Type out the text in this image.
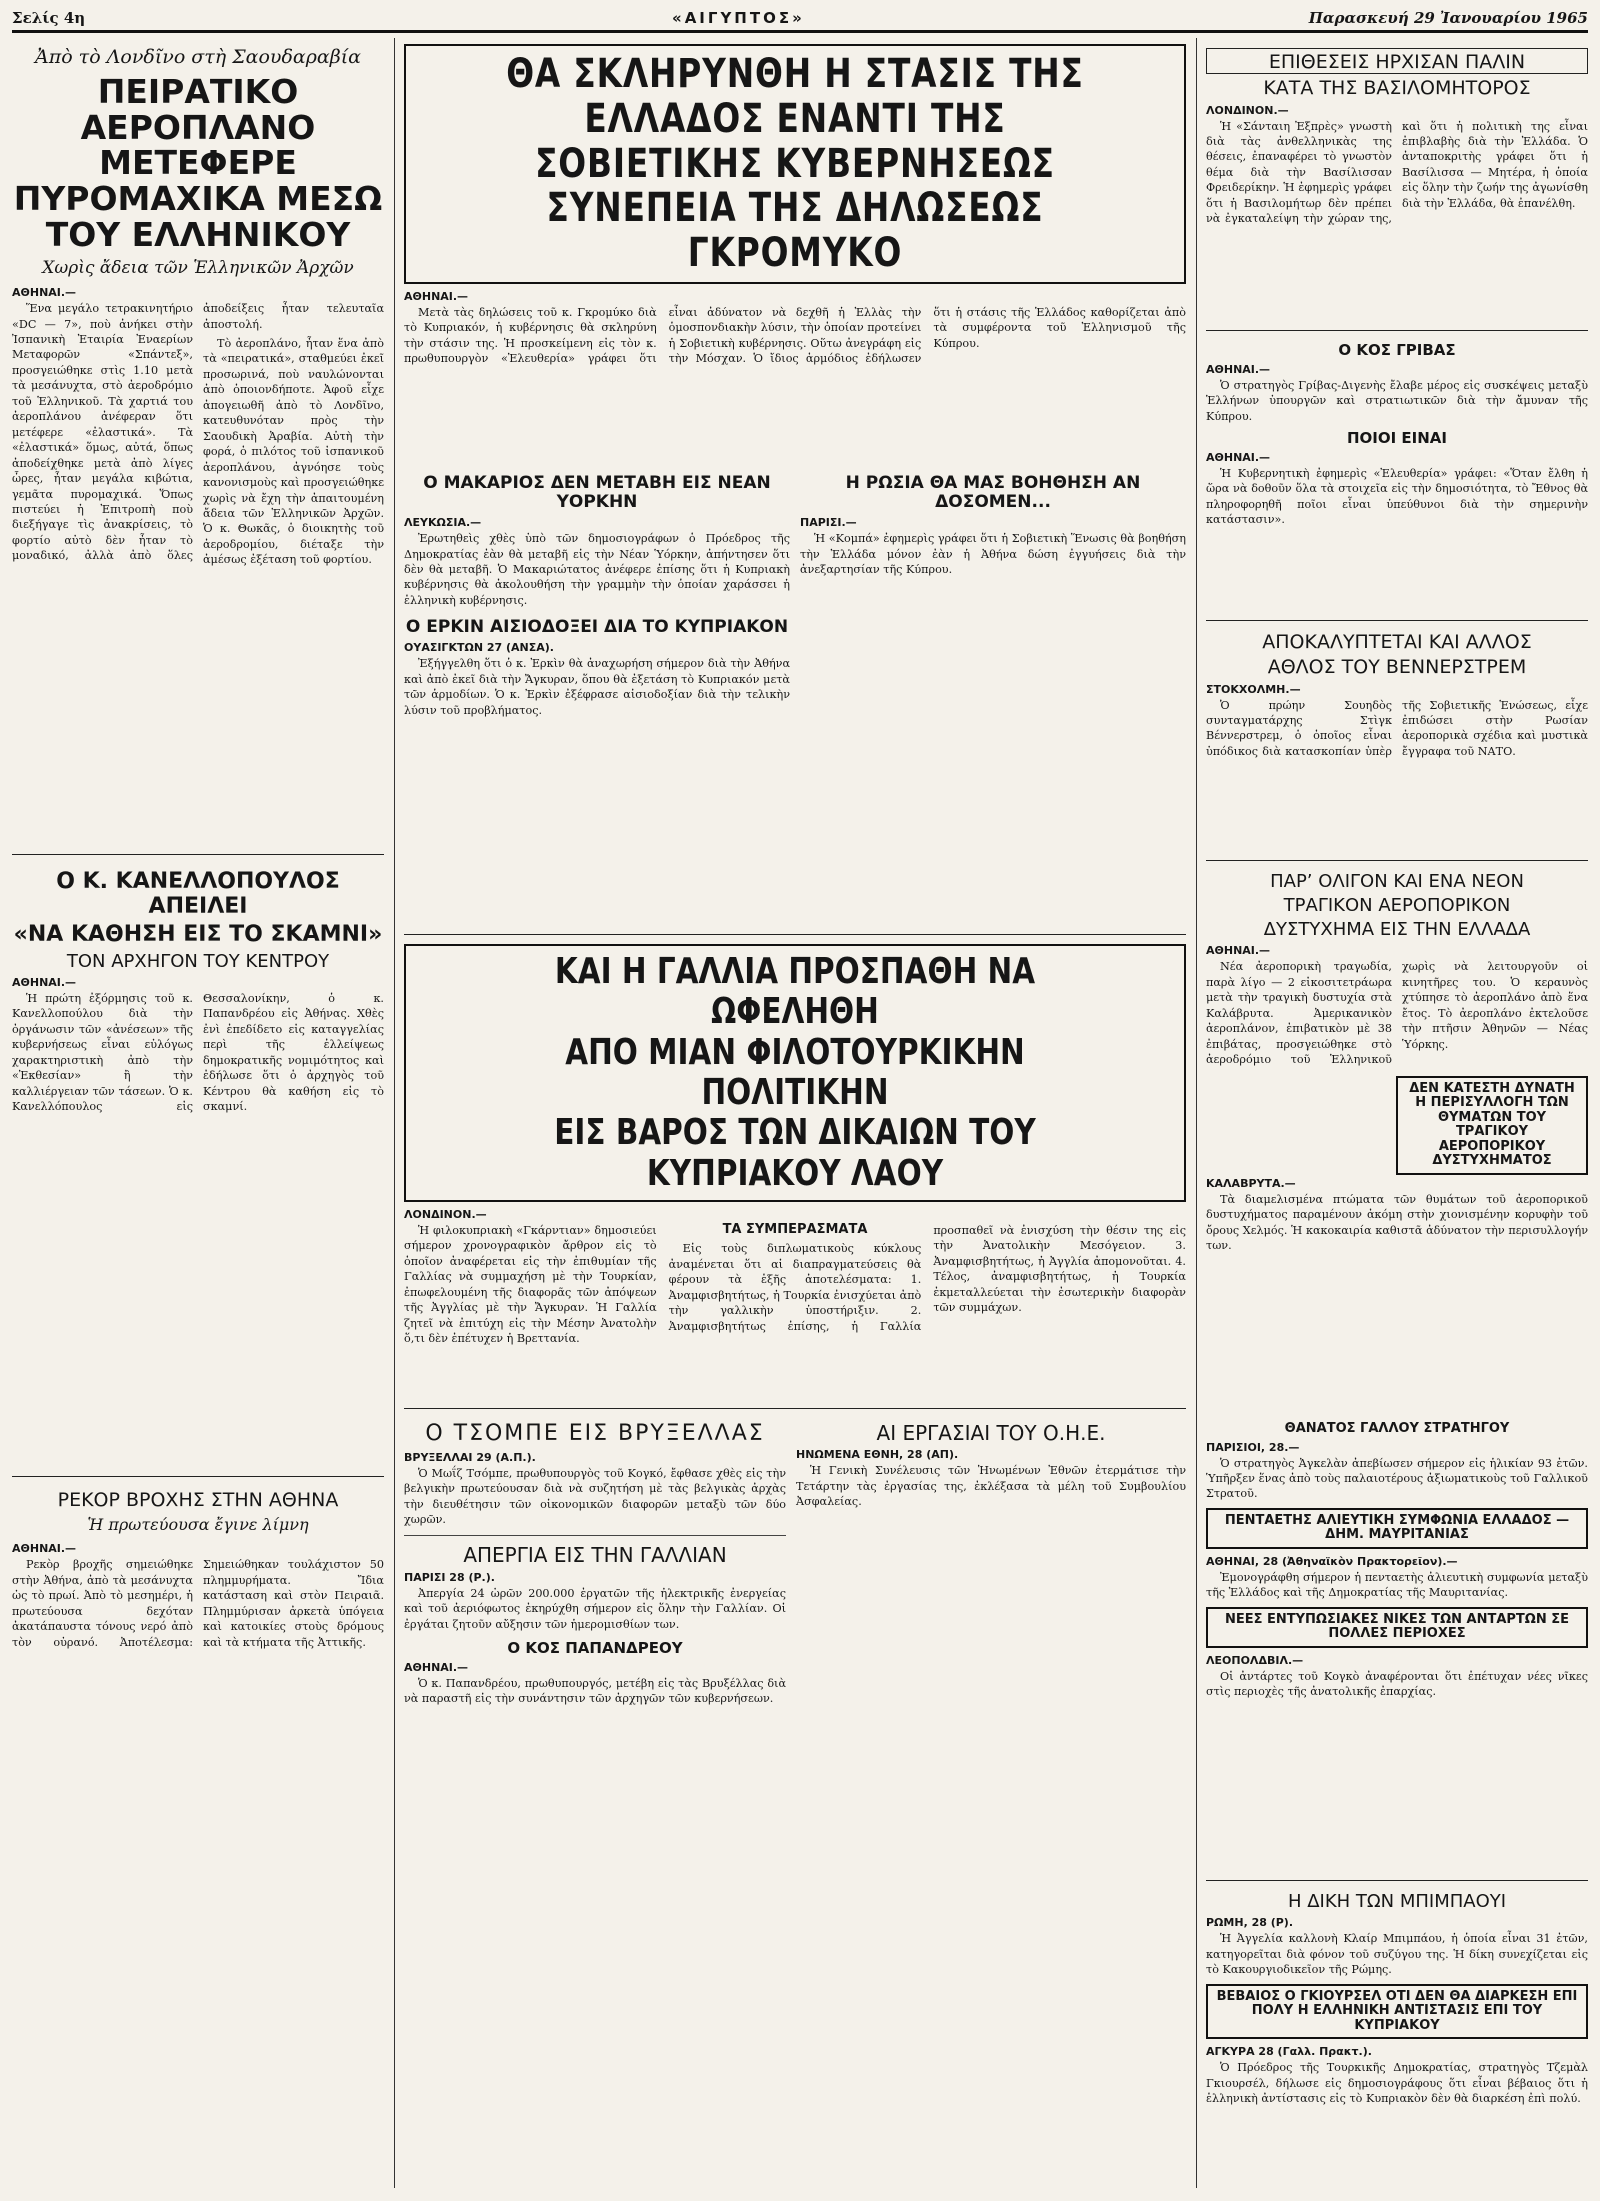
Σελίς 4η	«ΑΙΓΥΠΤΟΣ»	Παρασκευή 29 Ἰανουαρίου 1965
Ἀπὸ τὸ Λονδῖνο στὴ Σαουδαραβία
ΠΕΙΡΑΤΙΚΟ ΑΕΡΟΠΛΑΝΟ ΜΕΤΕΦΕΡΕ ΠΥΡΟΜΑΧΙΚΑ ΜΕΣΩ ΤΟΥ ΕΛΛΗΝΙΚΟΥ
Χωρὶς ἄδεια τῶν Ἑλληνικῶν Ἀρχῶν
ΑΘΗΝΑΙ.—

Ἕνα μεγάλο τετρακινητήριο «DC — 7», ποὺ ἀνήκει στὴν Ἰσπανικὴ Ἑταιρία Ἐναερίων Μεταφορῶν «Σπάντεξ», προσγειώθηκε στὶς 1.10 μετὰ τὰ μεσάνυχτα, στὸ ἀεροδρόμιο τοῦ Ἑλληνικοῦ. Τὰ χαρτιά του ἀεροπλάνου ἀνέφεραν ὅτι μετέφερε «ἐλαστικά». Τὰ «ἐλαστικά» ὅμως, αὐτά, ὅπως ἀποδείχθηκε μετὰ ἀπὸ λίγες ὧρες, ἦταν μεγάλα κιβώτια, γεμᾶτα πυρομαχικά. Ὅπως πιστεύει ἡ Ἐπιτροπὴ ποὺ διεξήγαγε τὶς ἀνακρίσεις, τὸ φορτίο αὐτὸ δὲν ἦταν τὸ μοναδικό, ἀλλὰ ἀπὸ ὅλες ἀποδείξεις ἦταν τελευταῖα ἀποστολή.

Τὸ ἀεροπλάνο, ἦταν ἕνα ἀπὸ τὰ «πειρατικά», σταθμεύει ἐκεῖ προσωρινά, ποὺ ναυλώνονται ἀπὸ ὁποιονδήποτε. Ἀφοῦ εἶχε ἀπογειωθῆ ἀπὸ τὸ Λονδῖνο, κατευθυνόταν πρὸς τὴν Σαουδικὴ Ἀραβία. Αὐτὴ τὴν φορά, ὁ πιλότος τοῦ ἰσπανικοῦ ἀεροπλάνου, ἀγνόησε τοὺς κανονισμοὺς καὶ προσγειώθηκε χωρὶς νὰ ἔχη τὴν ἀπαιτουμένη ἄδεια τῶν Ἑλληνικῶν Ἀρχῶν. Ὁ κ. Θωκᾶς, ὁ διοικητὴς τοῦ ἀεροδρομίου, διέταξε τὴν ἀμέσως ἐξέταση τοῦ φορτίου.

Ο Κ. ΚΑΝΕΛΛΟΠΟΥΛΟΣ ΑΠΕΙΛΕΙ
«ΝΑ ΚΑΘΗΣΗ ΕΙΣ ΤΟ ΣΚΑΜΝΙ»
ΤΟΝ ΑΡΧΗΓΟΝ ΤΟΥ ΚΕΝΤΡΟΥ
ΑΘΗΝΑΙ.—

Ἡ πρώτη ἐξόρμησις τοῦ κ. Κανελλοπούλου διὰ τὴν ὀργάνωσιν τῶν «ἀνέσεων» τῆς κυβερνήσεως εἶναι εὐλόγως χαρακτηριστικὴ ἀπὸ τὴν «Ἐκθεσίαν» ἢ τὴν καλλιέργειαν τῶν τάσεων. Ὁ κ. Κανελλόπουλος εἰς Θεσσαλονίκην, ὁ κ. Παπανδρέου εἰς Ἀθήνας. Χθὲς ἐνὶ ἐπεδίδετο εἰς καταγγελίας περὶ τῆς ἐλλείψεως δημοκρατικῆς νομιμότητος καὶ ἐδήλωσε ὅτι ὁ ἀρχηγὸς τοῦ Κέντρου θὰ καθήση εἰς τὸ σκαμνί.

ΡΕΚΟΡ ΒΡΟΧΗΣ ΣΤΗΝ ΑΘΗΝΑ
Ἡ πρωτεύουσα ἔγινε λίμνη
ΑΘΗΝΑΙ.—

Ρεκὸρ βροχῆς σημειώθηκε στὴν Ἀθήνα, ἀπὸ τὰ μεσάνυχτα ὡς τὸ πρωί. Ἀπὸ τὸ μεσημέρι, ἡ πρωτεύουσα δεχόταν ἀκατάπαυστα τόνους νερό ἀπὸ τὸν οὐρανό. Ἀποτέλεσμα: Σημειώθηκαν τουλάχιστον 50 πλημμυρήματα. Ἴδια κατάσταση καὶ στὸν Πειραιᾶ. Πλημμύρισαν ἀρκετὰ ὑπόγεια καὶ κατοικίες στοὺς δρόμους καὶ τὰ κτήματα τῆς Ἀττικῆς.

ΘΑ ΣΚΛΗΡΥΝΘΗ Η ΣΤΑΣΙΣ ΤΗΣ ΕΛΛΑΔΟΣ ΕΝΑΝΤΙ ΤΗΣ ΣΟΒΙΕΤΙΚΗΣ ΚΥΒΕΡΝΗΣΕΩΣ ΣΥΝΕΠΕΙΑ ΤΗΣ ΔΗΛΩΣΕΩΣ ΓΚΡΟΜΥΚΟ
ΑΘΗΝΑΙ.—

Μετὰ τὰς δηλώσεις τοῦ κ. Γκρομύκο διὰ τὸ Κυπριακόν, ἡ κυβέρνησις θὰ σκληρύνη τὴν στάσιν της. Ἡ προσκείμενη εἰς τὸν κ. πρωθυπουργὸν «Ἐλευθερία» γράφει ὅτι εἶναι ἀδύνατον νὰ δεχθῆ ἡ Ἑλλὰς τὴν ὁμοσπονδιακὴν λύσιν, τὴν ὁποίαν προτείνει ἡ Σοβιετικὴ κυβέρνησις. Οὕτω ἀνεγράφη εἰς τὴν Μόσχαν. Ὁ ἴδιος ἁρμόδιος ἐδήλωσεν ὅτι ἡ στάσις τῆς Ἑλλάδος καθορίζεται ἀπὸ τὰ συμφέροντα τοῦ Ἑλληνισμοῦ τῆς Κύπρου.

Ο ΜΑΚΑΡΙΟΣ ΔΕΝ ΜΕΤΑΒΗ ΕΙΣ ΝΕΑΝ ΥΟΡΚΗΝ
ΛΕΥΚΩΣΙΑ.—

Ἐρωτηθεὶς χθὲς ὑπὸ τῶν δημοσιογράφων ὁ Πρόεδρος τῆς Δημοκρατίας ἐὰν θὰ μεταβῆ εἰς τὴν Νέαν Ὑόρκην, ἀπήντησεν ὅτι δὲν θὰ μεταβῆ. Ὁ Μακαριώτατος ἀνέφερε ἐπίσης ὅτι ἡ Κυπριακὴ κυβέρνησις θὰ ἀκολουθήση τὴν γραμμὴν τὴν ὁποίαν χαράσσει ἡ ἑλληνικὴ κυβέρνησις.

Ο ΕΡΚΙΝ ΑΙΣΙΟΔΟΞΕΙ ΔΙΑ ΤΟ ΚΥΠΡΙΑΚΟΝ
ΟΥΑΣΙΓΚΤΩΝ 27 (ΑΝΣΑ).

Ἐξήγγελθη ὅτι ὁ κ. Ἐρκὶν θὰ ἀναχωρήση σήμερον διὰ τὴν Ἀθήνα καὶ ἀπὸ ἐκεῖ διὰ τὴν Ἄγκυραν, ὅπου θὰ ἐξετάση τὸ Κυπριακόν μετὰ τῶν ἁρμοδίων. Ὁ κ. Ἐρκὶν ἐξέφρασε αἰσιοδοξίαν διὰ τὴν τελικὴν λύσιν τοῦ προβλήματος.

Η ΡΩΣΙΑ ΘΑ ΜΑΣ ΒΟΗΘΗΣΗ ΑΝ ΔΟΣΟΜΕΝ...
ΠΑΡΙΣΙ.—

Ἡ «Κομπά» ἐφημερὶς γράφει ὅτι ἡ Σοβιετικὴ Ἕνωσις θὰ βοηθήση τὴν Ἑλλάδα μόνον ἐὰν ἡ Ἀθήνα δώση ἐγγυήσεις διὰ τὴν ἀνεξαρτησίαν τῆς Κύπρου.

ΚΑΙ Η ΓΑΛΛΙΑ ΠΡΟΣΠΑΘΗ ΝΑ ΩΦΕΛΗΘΗ
ΑΠΟ ΜΙΑΝ ΦΙΛΟΤΟΥΡΚΙΚΗΝ ΠΟΛΙΤΙΚΗΝ
ΕΙΣ ΒΑΡΟΣ ΤΩΝ ΔΙΚΑΙΩΝ ΤΟΥ ΚΥΠΡΙΑΚΟΥ ΛΑΟΥ
ΛΟΝΔΙΝΟΝ.—

Ἡ φιλοκυπριακὴ «Γκάρντιαν» δημοσιεύει σήμερον χρονογραφικὸν ἄρθρον εἰς τὸ ὁποῖον ἀναφέρεται εἰς τὴν ἐπιθυμίαν τῆς Γαλλίας νὰ συμμαχήση μὲ τὴν Τουρκίαν, ἐπωφελουμένη τῆς διαφορᾶς τῶν ἀπόψεων τῆς Ἀγγλίας μὲ τὴν Ἄγκυραν. Ἡ Γαλλία ζητεῖ νὰ ἐπιτύχη εἰς τὴν Μέσην Ἀνατολὴν ὅ,τι δὲν ἐπέτυχεν ἡ Βρεττανία.

ΤΑ ΣΥΜΠΕΡΑΣΜΑΤΑ

Εἰς τοὺς διπλωματικοὺς κύκλους ἀναμένεται ὅτι αἱ διαπραγματεύσεις θὰ φέρουν τὰ ἑξῆς ἀποτελέσματα: 1. Ἀναμφισβητήτως, ἡ Τουρκία ἐνισχύεται ἀπὸ τὴν γαλλικὴν ὑποστήριξιν. 2. Ἀναμφισβητήτως ἐπίσης, ἡ Γαλλία προσπαθεῖ νὰ ἐνισχύση τὴν θέσιν της εἰς τὴν Ἀνατολικὴν Μεσόγειον. 3. Ἀναμφισβητήτως, ἡ Ἀγγλία ἀπομονοῦται. 4. Τέλος, ἀναμφισβητήτως, ἡ Τουρκία ἐκμεταλλεύεται τὴν ἐσωτερικὴν διαφορὰν τῶν συμμάχων.

Ο ΤΣΟΜΠΕ ΕΙΣ ΒΡΥΞΕΛΛΑΣ
ΒΡΥΞΕΛΛΑΙ 29 (Α.Π.).

Ὁ Μωΐζ Τσόμπε, πρωθυπουργὸς τοῦ Κογκό, ἔφθασε χθὲς εἰς τὴν βελγικὴν πρωτεύουσαν διὰ νὰ συζητήση μὲ τὰς βελγικὰς ἀρχὰς τὴν διευθέτησιν τῶν οἰκονομικῶν διαφορῶν μεταξὺ τῶν δύο χωρῶν.

ΑΠΕΡΓΙΑ ΕΙΣ ΤΗΝ ΓΑΛΛΙΑΝ
ΠΑΡΙΣΙ 28 (Ρ.).

Ἀπεργία 24 ὡρῶν 200.000 ἐργατῶν τῆς ἠλεκτρικῆς ἐνεργείας καὶ τοῦ ἀεριόφωτος ἐκηρύχθη σήμερον εἰς ὅλην τὴν Γαλλίαν. Οἱ ἐργάται ζητοῦν αὔξησιν τῶν ἡμερομισθίων των.

Ο ΚΟΣ ΠΑΠΑΝΔΡΕΟΥ
ΑΘΗΝΑΙ.—

Ὁ κ. Παπανδρέου, πρωθυπουργός, μετέβη εἰς τὰς Βρυξέλλας διὰ νὰ παραστῆ εἰς τὴν συνάντησιν τῶν ἀρχηγῶν τῶν κυβερνήσεων.

ΑΙ ΕΡΓΑΣΙΑΙ ΤΟΥ Ο.Η.Ε.
ΗΝΩΜΕΝΑ ΕΘΝΗ, 28 (ΑΠ).

Ἡ Γενικὴ Συνέλευσις τῶν Ἡνωμένων Ἐθνῶν ἐτερμάτισε τὴν Τετάρτην τὰς ἐργασίας της, ἐκλέξασα τὰ μέλη τοῦ Συμβουλίου Ἀσφαλείας.

ΕΠΙΘΕΣΕΙΣ ΗΡΧΙΣΑΝ ΠΑΛΙΝ
ΚΑΤΑ ΤΗΣ ΒΑΣΙΛΟΜΗΤΟΡΟΣ
ΛΟΝΔΙΝΟΝ.—

Ἡ «Σάνταιη Ἐξπρὲς» γνωστὴ διὰ τὰς ἀνθελληνικὰς της θέσεις, ἐπαναφέρει τὸ γνωστὸν θέμα διὰ τὴν Βασίλισσαν Φρειδερίκην. Ἡ ἐφημερὶς γράφει ὅτι ἡ Βασιλομήτωρ δὲν πρέπει νὰ ἐγκαταλείψη τὴν χώραν της, καὶ ὅτι ἡ πολιτικὴ της εἶναι ἐπιβλαβὴς διὰ τὴν Ἑλλάδα. Ὁ ἀνταποκριτὴς γράφει ὅτι ἡ Βασίλισσα — Μητέρα, ἡ ὁποία εἰς ὅλην τὴν ζωήν της ἀγωνίσθη διὰ τὴν Ἑλλάδα, θὰ ἐπανέλθη.

Ο ΚΟΣ ΓΡΙΒΑΣ
ΑΘΗΝΑΙ.—

Ὁ στρατηγὸς Γρίβας-Διγενὴς ἔλαβε μέρος εἰς συσκέψεις μεταξὺ Ἑλλήνων ὑπουργῶν καὶ στρατιωτικῶν διὰ τὴν ἄμυναν τῆς Κύπρου.

ΠΟΙΟΙ ΕΙΝΑΙ
ΑΘΗΝΑΙ.—

Ἡ Κυβερνητικὴ ἐφημερὶς «Ἐλευθερία» γράφει: «Ὅταν ἔλθη ἡ ὥρα νὰ δοθοῦν ὅλα τὰ στοιχεῖα εἰς τὴν δημοσιότητα, τὸ Ἔθνος θὰ πληροφορηθῆ ποῖοι εἶναι ὑπεύθυνοι διὰ τὴν σημερινὴν κατάστασιν».

ΑΠΟΚΑΛΥΠΤΕΤΑΙ ΚΑΙ ΑΛΛΟΣ
ΑΘΛΟΣ ΤΟΥ ΒΕΝΝΕΡΣΤΡΕΜ
ΣΤΟΚΧΟΛΜΗ.—

Ὁ πρώην Σουηδὸς συνταγματάρχης Στὶγκ Βέννερστρεμ, ὁ ὁποῖος εἶναι ὑπόδικος διὰ κατασκοπίαν ὑπὲρ τῆς Σοβιετικῆς Ἑνώσεως, εἶχε ἐπιδώσει στὴν Ρωσίαν ἀεροπορικὰ σχέδια καὶ μυστικὰ ἔγγραφα τοῦ ΝΑΤΟ.

ΠΑΡ’ ΟΛΙΓΟΝ ΚΑΙ ΕΝΑ ΝΕΟΝ
ΤΡΑΓΙΚΟΝ ΑΕΡΟΠΟΡΙΚΟΝ
ΔΥΣΤΥΧΗΜΑ ΕΙΣ ΤΗΝ ΕΛΛΑΔΑ
ΑΘΗΝΑΙ.—

Νέα ἀεροπορικὴ τραγωδία, παρὰ λίγο — 2 εἰκοσιτετράωρα μετὰ τὴν τραγικὴ δυστυχία στὰ Καλάβρυτα. Ἀμερικανικὸν ἀεροπλάνον, ἐπιβατικὸν μὲ 38 ἐπιβάτας, προσγειώθηκε στὸ ἀεροδρόμιο τοῦ Ἑλληνικοῦ χωρὶς νὰ λειτουργοῦν οἱ κινητῆρες του. Ὁ κεραυνὸς χτύπησε τὸ ἀεροπλάνο ἀπὸ ἕνα ἔτος. Τὸ ἀεροπλάνο ἐκτελοῦσε τὴν πτῆσιν Ἀθηνῶν — Νέας Ὑόρκης.

ΔΕΝ ΚΑΤΕΣΤΗ ΔΥΝΑΤΗ Η ΠΕΡΙΣΥΛΛΟΓΗ ΤΩΝ ΘΥΜΑΤΩΝ ΤΟΥ ΤΡΑΓΙΚΟΥ ΑΕΡΟΠΟΡΙΚΟΥ ΔΥΣΤΥΧΗΜΑΤΟΣ
ΚΑΛΑΒΡΥΤΑ.—

Τὰ διαμελισμένα πτώματα τῶν θυμάτων τοῦ ἀεροπορικοῦ δυστυχήματος παραμένουν ἀκόμη στὴν χιονισμένην κορυφὴν τοῦ ὄρους Χελμός. Ἡ κακοκαιρία καθιστᾶ ἀδύνατον τὴν περισυλλογήν των.

ΘΑΝΑΤΟΣ ΓΑΛΛΟΥ ΣΤΡΑΤΗΓΟΥ
ΠΑΡΙΣΙΟΙ, 28.—

Ὁ στρατηγὸς Ἀγκελὰν ἀπεβίωσεν σήμερον εἰς ἡλικίαν 93 ἐτῶν. Ὑπῆρξεν ἕνας ἀπὸ τοὺς παλαιοτέρους ἀξιωματικοὺς τοῦ Γαλλικοῦ Στρατοῦ.

ΠΕΝΤΑΕΤΗΣ ΑΛΙΕΥΤΙΚΗ ΣΥΜΦΩΝΙΑ ΕΛΛΑΔΟΣ — ΔΗΜ. ΜΑΥΡΙΤΑΝΙΑΣ
ΑΘΗΝΑΙ, 28 (Ἀθηναϊκὸν Πρακτορεῖον).—

Ἐμονογράφθη σήμερον ἡ πενταετὴς ἀλιευτικὴ συμφωνία μεταξὺ τῆς Ἑλλάδος καὶ τῆς Δημοκρατίας τῆς Μαυριτανίας.

ΝΕΕΣ ΕΝΤΥΠΩΣΙΑΚΕΣ ΝΙΚΕΣ ΤΩΝ ΑΝΤΑΡΤΩΝ ΣΕ ΠΟΛΛΕΣ ΠΕΡΙΟΧΕΣ
ΛΕΟΠΟΛΔΒΙΛ.—

Οἱ ἀντάρτες τοῦ Κογκὸ ἀναφέρονται ὅτι ἐπέτυχαν νέες νῖκες στὶς περιοχὲς τῆς ἀνατολικῆς ἐπαρχίας.

Η ΔΙΚΗ ΤΩΝ ΜΠΙΜΠΑΟΥΙ
ΡΩΜΗ, 28 (Ρ).

Ἡ Ἀγγελία καλλονὴ Κλαίρ Μπιμπάου, ἡ ὁποία εἶναι 31 ἐτῶν, κατηγορεῖται διὰ φόνον τοῦ συζύγου της. Ἡ δίκη συνεχίζεται εἰς τὸ Κακουργιοδικεῖον τῆς Ρώμης.

ΒΕΒΑΙΟΣ Ο ΓΚΙΟΥΡΣΕΛ ΟΤΙ ΔΕΝ ΘΑ ΔΙΑΡΚΕΣΗ ΕΠΙ ΠΟΛΥ Η ΕΛΛΗΝΙΚΗ ΑΝΤΙΣΤΑΣΙΣ ΕΠΙ ΤΟΥ ΚΥΠΡΙΑΚΟΥ
ΑΓΚΥΡΑ 28 (Γαλλ. Πρακτ.).

Ὁ Πρόεδρος τῆς Τουρκικῆς Δημοκρατίας, στρατηγὸς Τζεμὰλ Γκιουρσέλ, δήλωσε εἰς δημοσιογράφους ὅτι εἶναι βέβαιος ὅτι ἡ ἑλληνικὴ ἀντίστασις εἰς τὸ Κυπριακὸν δὲν θὰ διαρκέση ἐπὶ πολύ.
